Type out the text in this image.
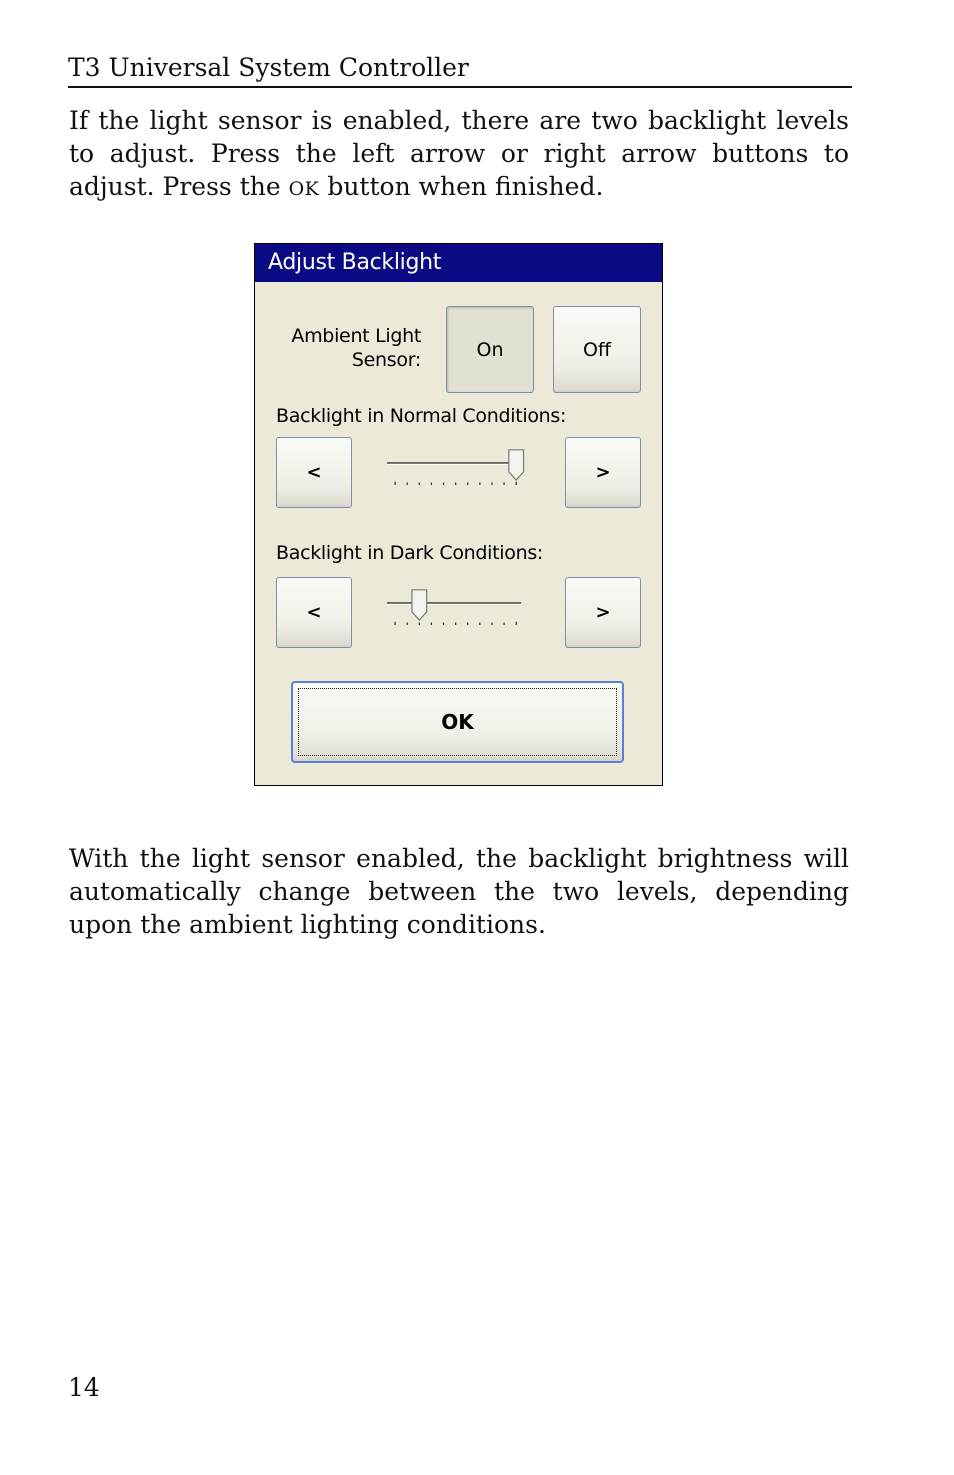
T3 Universal System Controller

If the light sensor is enabled, there are two backlight levels to adjust. Press the left arrow or right arrow buttons to adjust. Press the OK button when finished.

Adjust Backlight
Ambient Light
Sensor:	On	Off
Backlight in Normal Conditions:
<	>
Backlight in Dark Conditions:
<	>
OK

With the light sensor enabled, the backlight brightness will automatically change between the two levels, depending upon the ambient lighting conditions.

14
